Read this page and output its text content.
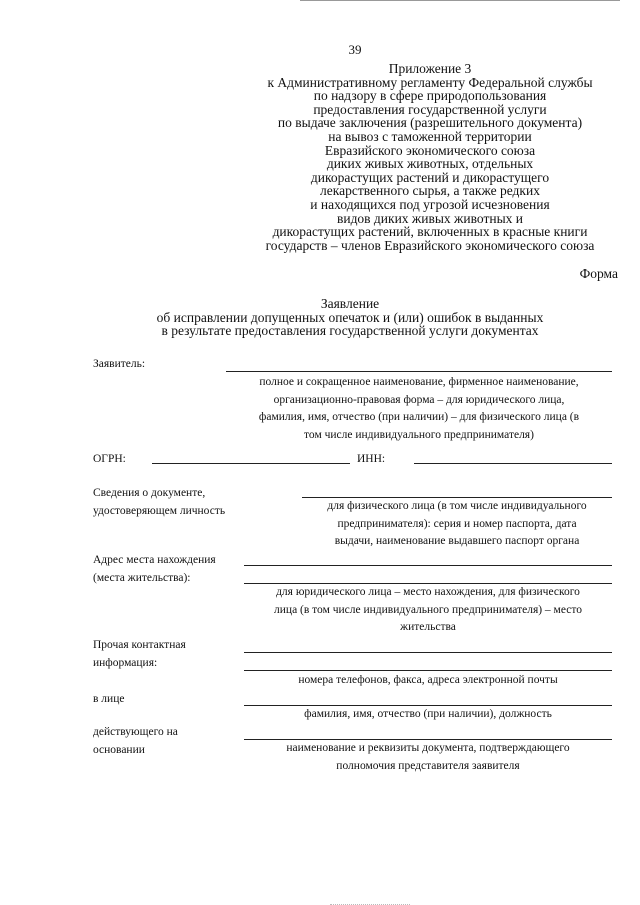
39
Приложение 3
к Административному регламенту Федеральной службы
по надзору в сфере природопользования
предоставления государственной услуги
по выдаче заключения (разрешительного документа)
на вывоз с таможенной территории
Евразийского экономического союза
диких живых животных, отдельных
дикорастущих растений и дикорастущего
лекарственного сырья, а также редких
и находящихся под угрозой исчезновения
видов диких живых животных и
дикорастущих растений, включенных в красные книги
государств – членов Евразийского экономического союза
Форма
Заявление
об исправлении допущенных опечаток и (или) ошибок в выданных
в результате предоставления государственной услуги документах
Заявитель:
полное и сокращенное наименование, фирменное наименование,
организационно-правовая форма – для юридического лица,
фамилия, имя, отчество (при наличии) – для физического лица (в
том числе индивидуального предпринимателя)
ОГРН:	ИНН:
Сведения о документе,
удостоверяющем личность	для физического лица (в том числе индивидуального
предпринимателя): серия и номер паспорта, дата
выдачи, наименование выдавшего паспорт органа
Адрес места нахождения
(места жительства):
для юридического лица – место нахождения, для физического
лица (в том числе индивидуального предпринимателя) – место
жительства
Прочая контактная
информация:
номера телефонов, факса, адреса электронной почты
в лице
фамилия, имя, отчество (при наличии), должность
действующего на
основании	наименование и реквизиты документа, подтверждающего
полномочия представителя заявителя
